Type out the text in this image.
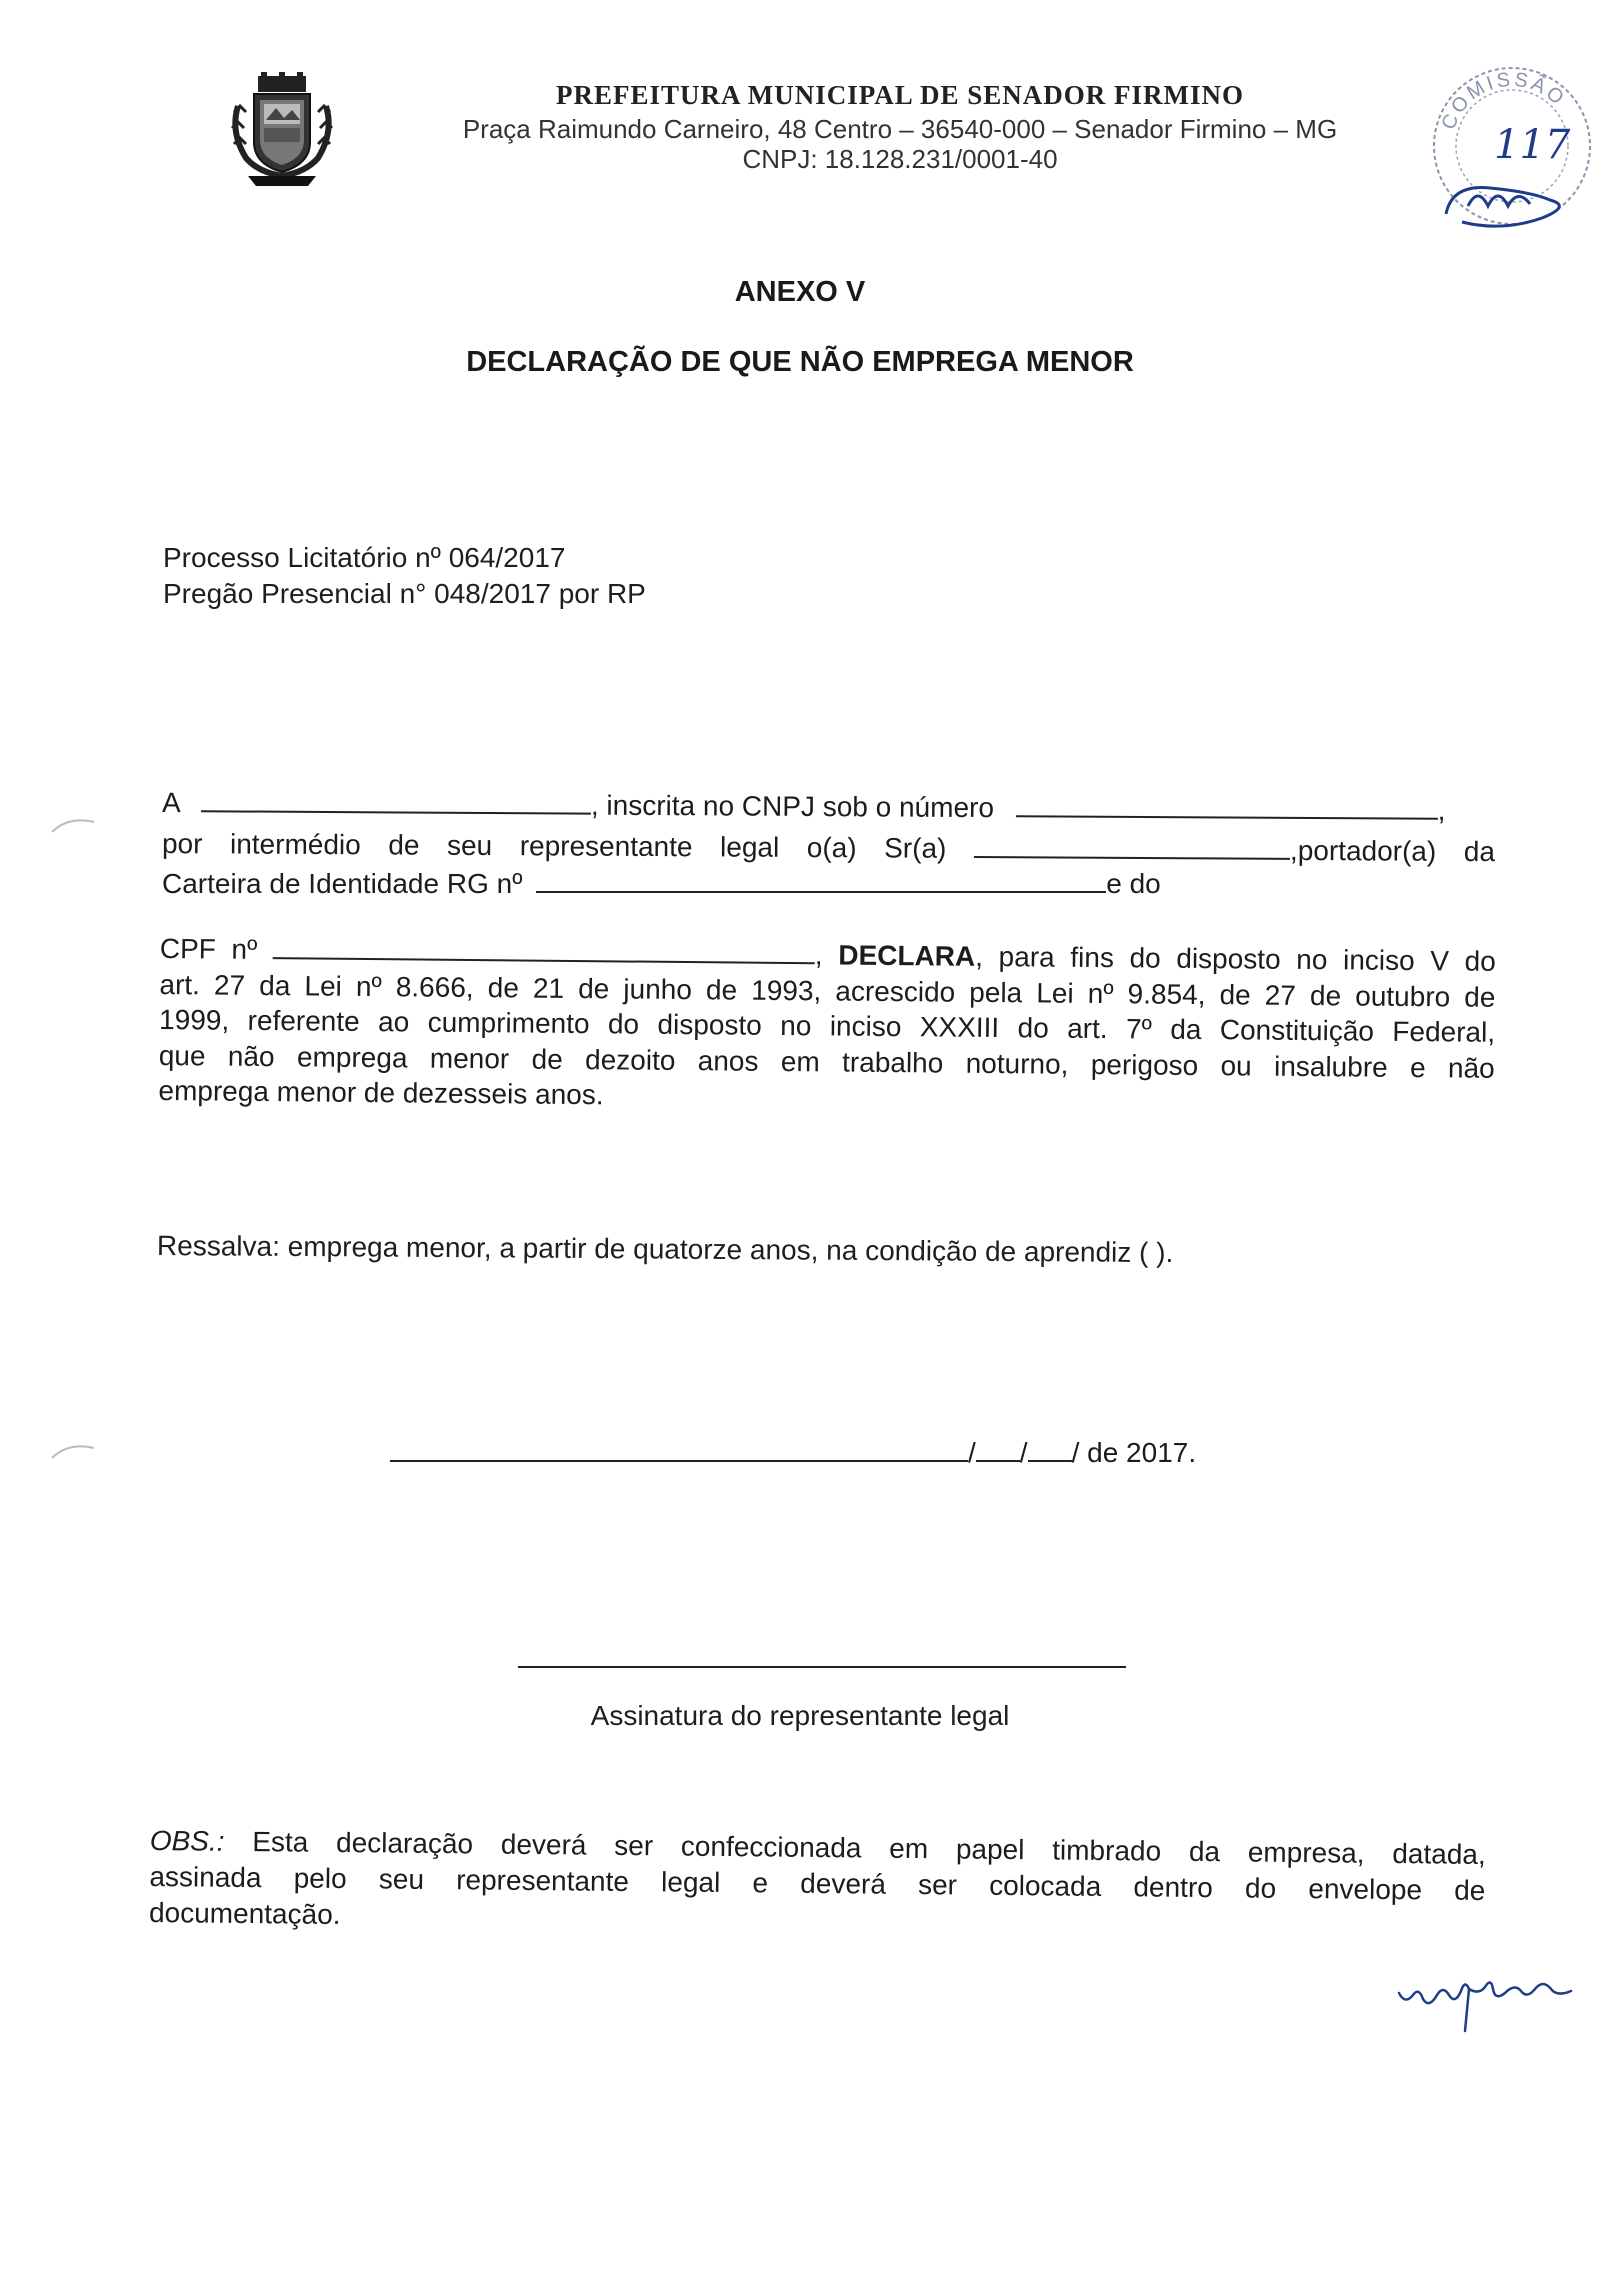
PREFEITURA MUNICIPAL DE SENADOR FIRMINO
Praça Raimundo Carneiro, 48 Centro – 36540-000 – Senador Firmino – MG
CNPJ: 18.128.231/0001-40
COMISSÃO
117
ANEXO V
DECLARAÇÃO DE QUE NÃO EMPREGA MENOR
Processo Licitatório nº 064/2017
Pregão Presencial n° 048/2017 por RP
A	, inscrita no CNPJ sob o número	,
por intermédio de seu representante legal o(a) Sr(a)	,portador(a) da
Carteira de Identidade RG nº	e do

CPF nº	, DECLARA, para fins do disposto no inciso V do

art. 27 da Lei nº 8.666, de 21 de junho de 1993, acrescido pela Lei nº 9.854, de 27 de outubro de

1999, referente ao cumprimento do disposto no inciso XXXIII do art. 7º da Constituição Federal,

que não emprega menor de dezoito anos em trabalho noturno, perigoso ou insalubre e não

emprega menor de dezesseis anos.

Ressalva: emprega menor, a partir de quatorze anos, na condição de aprendiz ( ).
/ / / de 2017.
Assinatura do representante legal

OBS.: Esta declaração deverá ser confeccionada em papel timbrado da empresa, datada,

assinada pelo seu representante legal e deverá ser colocada dentro do envelope de

documentação.
